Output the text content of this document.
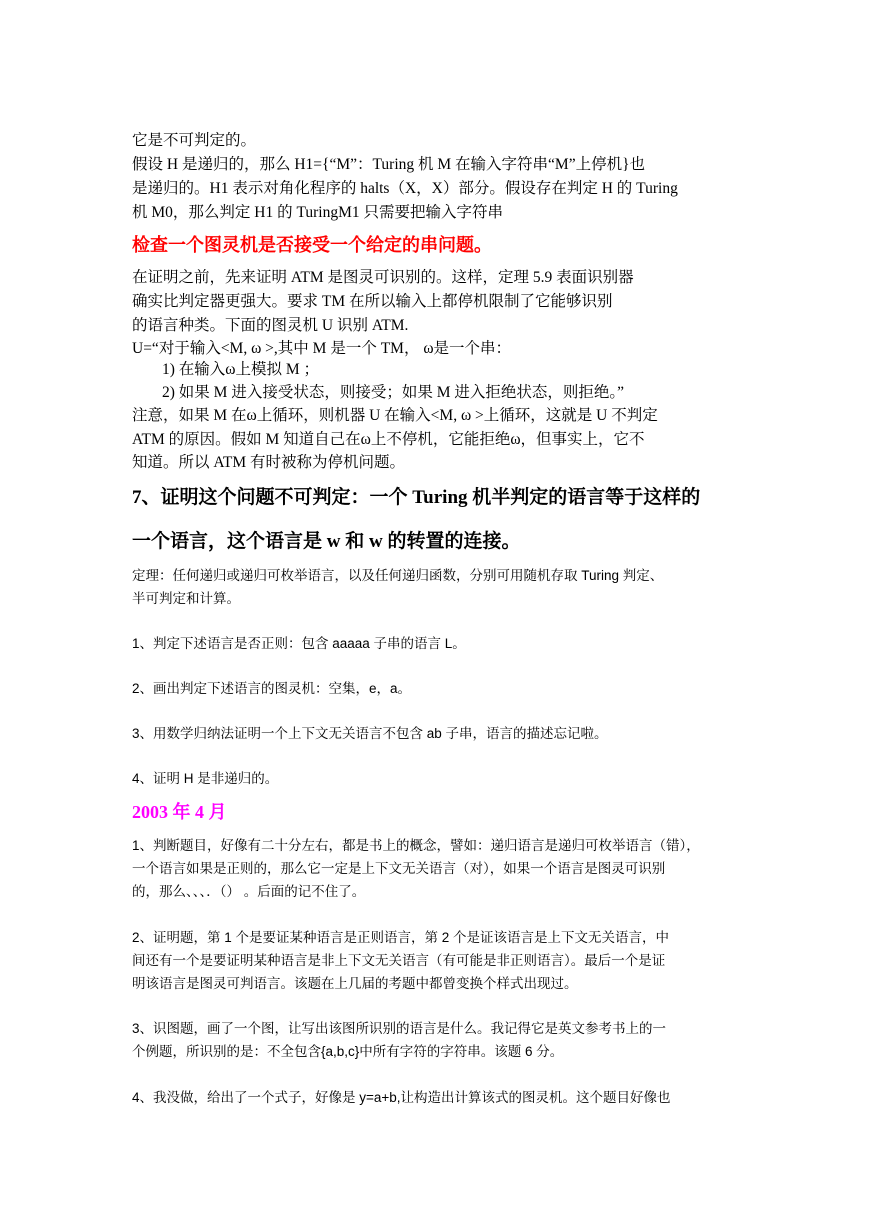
它是不可判定的。

假设 H 是递归的，那么 H1={“M”：Turing 机 M 在输入字符串“M”上停机}也

是递归的。H1 表示对角化程序的 halts（X，X）部分。假设存在判定 H 的 Turing

机 M0，那么判定 H1 的 TuringM1 只需要把输入字符串

检查一个图灵机是否接受一个给定的串问题。

在证明之前，先来证明 ATM 是图灵可识别的。这样，定理 5.9 表面识别器

确实比判定器更强大。要求 TM 在所以输入上都停机限制了它能够识别

的语言种类。下面的图灵机 U 识别 ATM.

U=“对于输入<M, ω >,其中 M 是一个 TM， ω是一个串：

1) 在输入ω上模拟 M ；

2) 如果 M 进入接受状态，则接受；如果 M 进入拒绝状态，则拒绝。”

注意，如果 M 在ω上循环，则机器 U 在输入<M, ω >上循环，这就是 U 不判定

ATM 的原因。假如 M 知道自己在ω上不停机，它能拒绝ω，但事实上，它不

知道。所以 ATM 有时被称为停机问题。

7、证明这个问题不可判定：一个 Turing 机半判定的语言等于这样的

一个语言，这个语言是 w 和 w 的转置的连接。

定理：任何递归或递归可枚举语言，以及任何递归函数，分别可用随机存取 Turing 判定、

半可判定和计算。

1、判定下述语言是否正则：包含 aaaaa 子串的语言 L。

2、画出判定下述语言的图灵机：空集，e，a。

3、用数学归纳法证明一个上下文无关语言不包含 ab 子串，语言的描述忘记啦。

4、证明 H 是非递归的。

2003 年 4 月

1、判断题目，好像有二十分左右，都是书上的概念，譬如：递归语言是递归可枚举语言（错），

一个语言如果是正则的，那么它一定是上下文无关语言（对），如果一个语言是图灵可识别

的，那么、、、．（） 。后面的记不住了。

2、证明题，第 1 个是要证某种语言是正则语言，第 2 个是证该语言是上下文无关语言，中

间还有一个是要证明某种语言是非上下文无关语言（有可能是非正则语言）。最后一个是证

明该语言是图灵可判语言。该题在上几届的考题中都曾变换个样式出现过。

3、识图题，画了一个图，让写出该图所识别的语言是什么。我记得它是英文参考书上的一

个例题，所识别的是：不全包含{a,b,c}中所有字符的字符串。该题 6 分。

4、我没做，给出了一个式子，好像是 y=a+b,让构造出计算该式的图灵机。这个题目好像也
